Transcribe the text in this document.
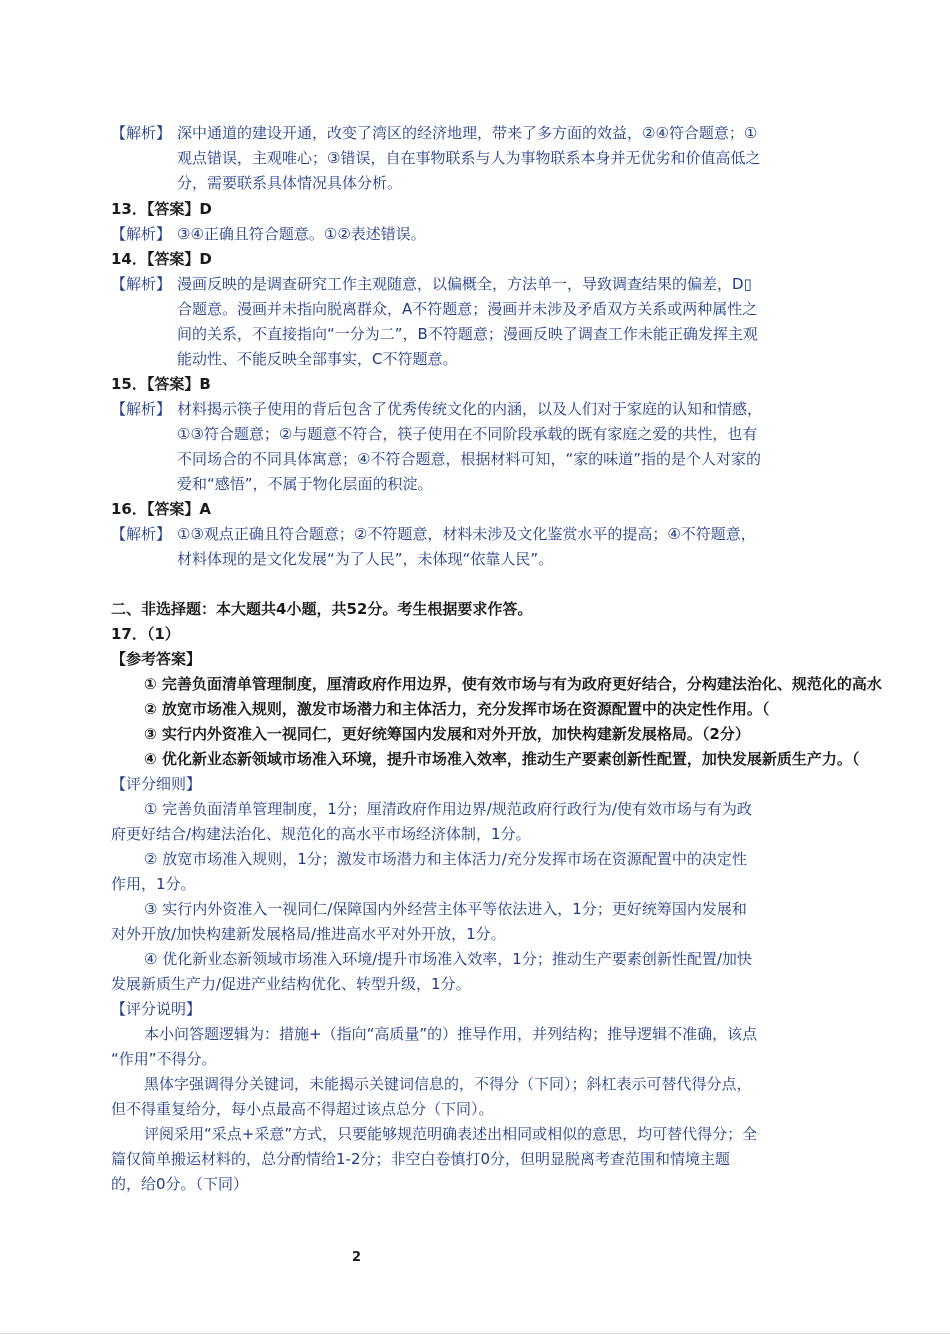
【解析】 深中通道的建设开通，改变了湾区的经济地理，带来了多方面的效益，②④符合题意；①
观点错误，主观唯心；③错误，自在事物联系与人为事物联系本身并无优劣和价值高低之
分，需要联系具体情况具体分析。
13．【答案】D
【解析】 ③④正确且符合题意。①②表述错误。
14．【答案】D
【解析】 漫画反映的是调查研究工作主观随意，以偏概全，方法单一，导致调查结果的偏差，D▯
合题意。漫画并未指向脱离群众，A不符题意；漫画并未涉及矛盾双方关系或两种属性之
间的关系，不直接指向“一分为二”，B不符题意；漫画反映了调查工作未能正确发挥主观
能动性、不能反映全部事实，C不符题意。
15．【答案】B
【解析】 材料揭示筷子使用的背后包含了优秀传统文化的内涵，以及人们对于家庭的认知和情感，
①③符合题意；②与题意不符合，筷子使用在不同阶段承载的既有家庭之爱的共性，也有
不同场合的不同具体寓意；④不符合题意，根据材料可知，“家的味道”指的是个人对家的
爱和“感悟”，不属于物化层面的积淀。
16．【答案】A
【解析】 ①③观点正确且符合题意；②不符题意，材料未涉及文化鉴赏水平的提高；④不符题意，
材料体现的是文化发展“为了人民”，未体现“依靠人民”。
二、非选择题：本大题共4小题，共52分。考生根据要求作答。
17．（1）
【参考答案】
① 完善负面清单管理制度，厘清政府作用边界，使有效市场与有为政府更好结合，分构建法治化、规范化的高水
② 放宽市场准入规则，激发市场潜力和主体活力，充分发挥市场在资源配置中的决定性作用。（
③ 实行内外资准入一视同仁，更好统筹国内发展和对外开放，加快构建新发展格局。（2分）
④ 优化新业态新领域市场准入环境，提升市场准入效率，推动生产要素创新性配置，加快发展新质生产力。（
【评分细则】
① 完善负面清单管理制度，1分；厘清政府作用边界/规范政府行政行为/使有效市场与有为政
府更好结合/构建法治化、规范化的高水平市场经济体制，1分。
② 放宽市场准入规则，1分；激发市场潜力和主体活力/充分发挥市场在资源配置中的决定性
作用，1分。
③ 实行内外资准入一视同仁/保障国内外经营主体平等依法进入，1分；更好统筹国内发展和
对外开放/加快构建新发展格局/推进高水平对外开放，1分。
④ 优化新业态新领域市场准入环境/提升市场准入效率，1分；推动生产要素创新性配置/加快
发展新质生产力/促进产业结构优化、转型升级，1分。
【评分说明】
本小问答题逻辑为：措施+（指向“高质量”的）推导作用，并列结构；推导逻辑不准确，该点
“作用”不得分。
黑体字强调得分关键词，未能揭示关键词信息的，不得分（下同）；斜杠表示可替代得分点，
但不得重复给分，每小点最高不得超过该点总分（下同）。
评阅采用“采点+采意”方式，只要能够规范明确表述出相同或相似的意思，均可替代得分；全
篇仅简单搬运材料的，总分酌情给1-2分；非空白卷慎打0分，但明显脱离考查范围和情境主题
的，给0分。（下同）
2
